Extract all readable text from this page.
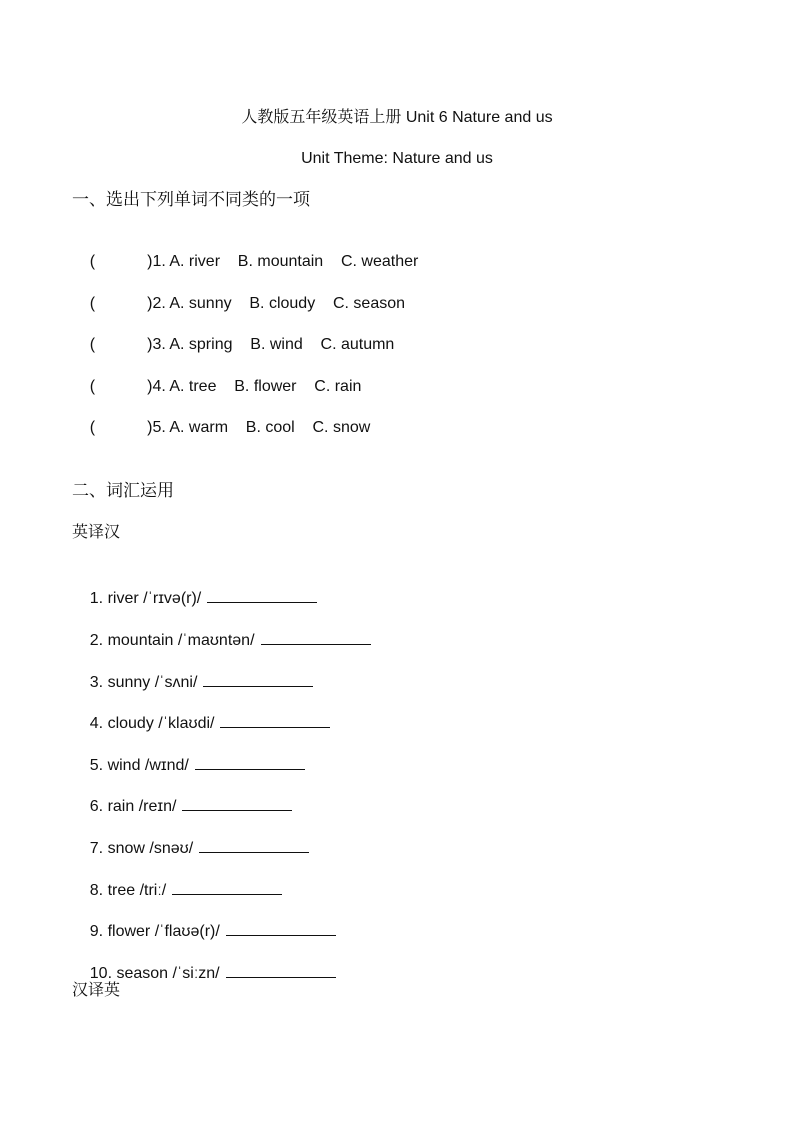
人教版五年级英语上册 Unit 6 Nature and us
Unit Theme: Nature and us
一、选出下列单词不同类的一项

(	)1. A. river    B. mountain    C. weather

(	)2. A. sunny    B. cloudy    C. season

(	)3. A. spring    B. wind    C. autumn

(	)4. A. tree    B. flower    C. rain

(	)5. A. warm    B. cool    C. snow

二、词汇运用
英译汉

1. river /ˈrɪvə(r)/

2. mountain /ˈmaʊntən/

3. sunny /ˈsʌni/

4. cloudy /ˈklaʊdi/

5. wind /wɪnd/

6. rain /reɪn/

7. snow /snəʊ/

8. tree /triː/

9. flower /ˈflaʊə(r)/

10. season /ˈsiːzn/

汉译英
